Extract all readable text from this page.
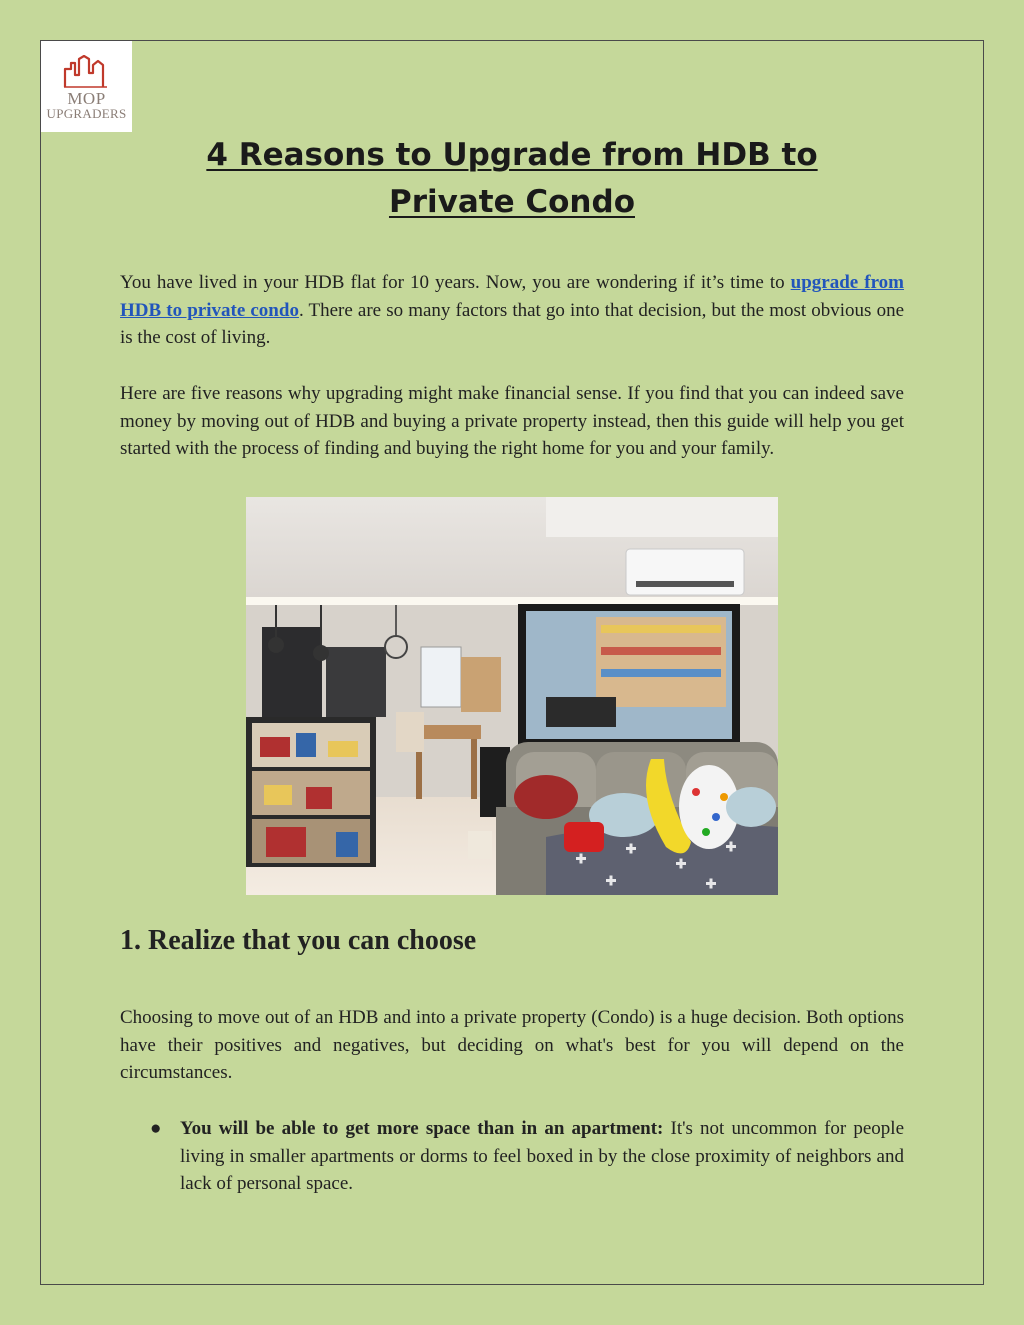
MOP
UPGRADERS
4 Reasons to Upgrade from HDB to
Private Condo

You have lived in your HDB flat for 10 years. Now, you are wondering if it’s time to upgrade from HDB to private condo. There are so many factors that go into that decision, but the most obvious one is the cost of living.

Here are five reasons why upgrading might make financial sense. If you find that you can indeed save money by moving out of HDB and buying a private property instead, then this guide will help you get started with the process of finding and buying the right home for you and your family.

1. Realize that you can choose

Choosing to move out of an HDB and into a private property (Condo) is a huge decision. Both options have their positives and negatives, but deciding on what's best for you will depend on the circumstances.

● You will be able to get more space than in an apartment: It's not uncommon for people living in smaller apartments or dorms to feel boxed in by the close proximity of neighbors and lack of personal space.
